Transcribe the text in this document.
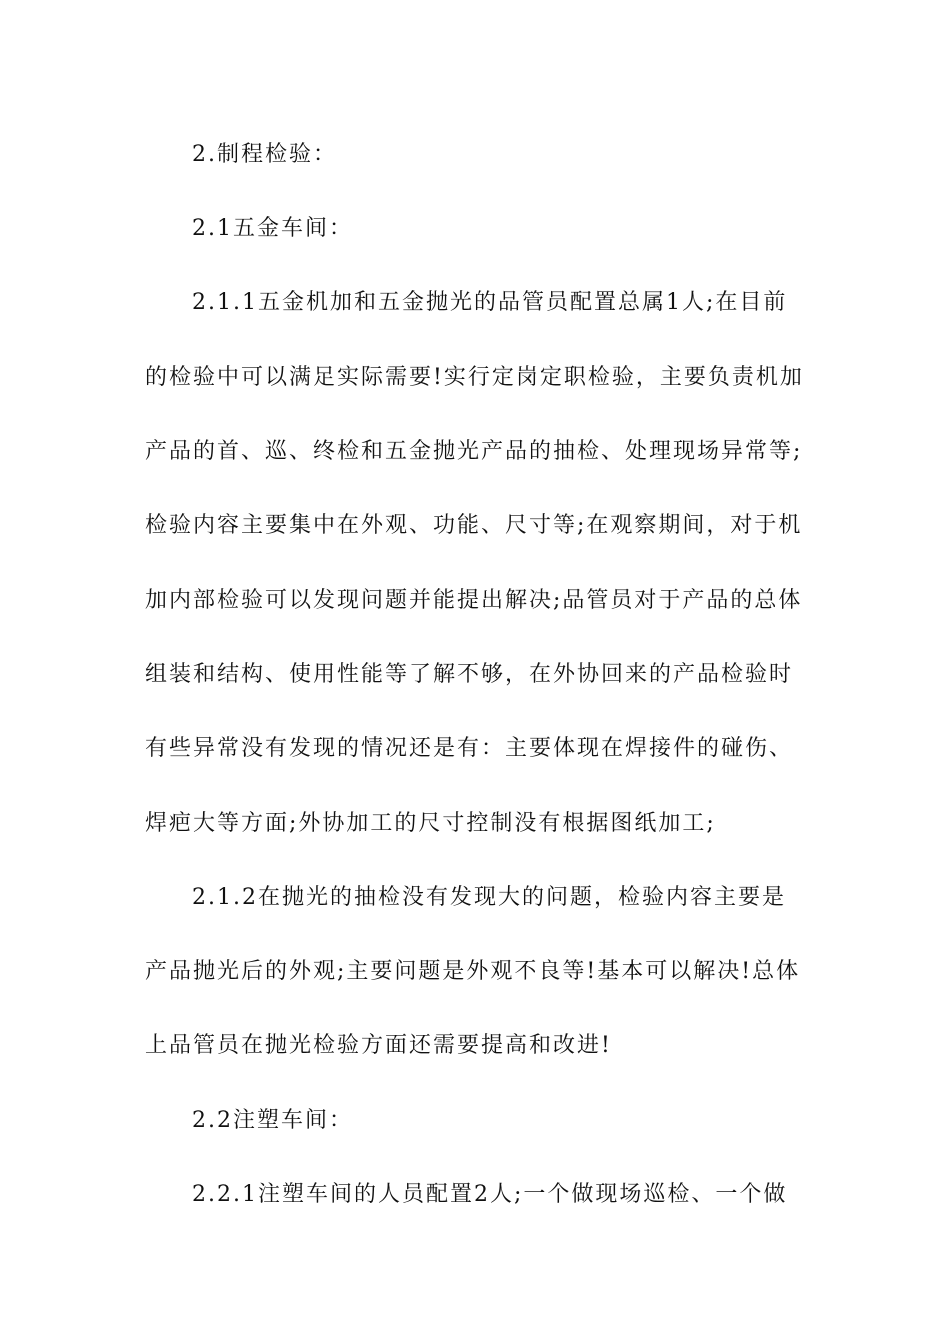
2.制程检验：
2.1五金车间：
2.1.1五金机加和五金抛光的品管员配置总属1人;在目前
的检验中可以满足实际需要!实行定岗定职检验，主要负责机加
产品的首、巡、终检和五金抛光产品的抽检、处理现场异常等;
检验内容主要集中在外观、功能、尺寸等;在观察期间，对于机
加内部检验可以发现问题并能提出解决;品管员对于产品的总体
组装和结构、使用性能等了解不够，在外协回来的产品检验时
有些异常没有发现的情况还是有：主要体现在焊接件的碰伤、
焊疤大等方面;外协加工的尺寸控制没有根据图纸加工;
2.1.2在抛光的抽检没有发现大的问题，检验内容主要是
产品抛光后的外观;主要问题是外观不良等!基本可以解决!总体
上品管员在抛光检验方面还需要提高和改进!
2.2注塑车间：
2.2.1注塑车间的人员配置2人;一个做现场巡检、一个做
